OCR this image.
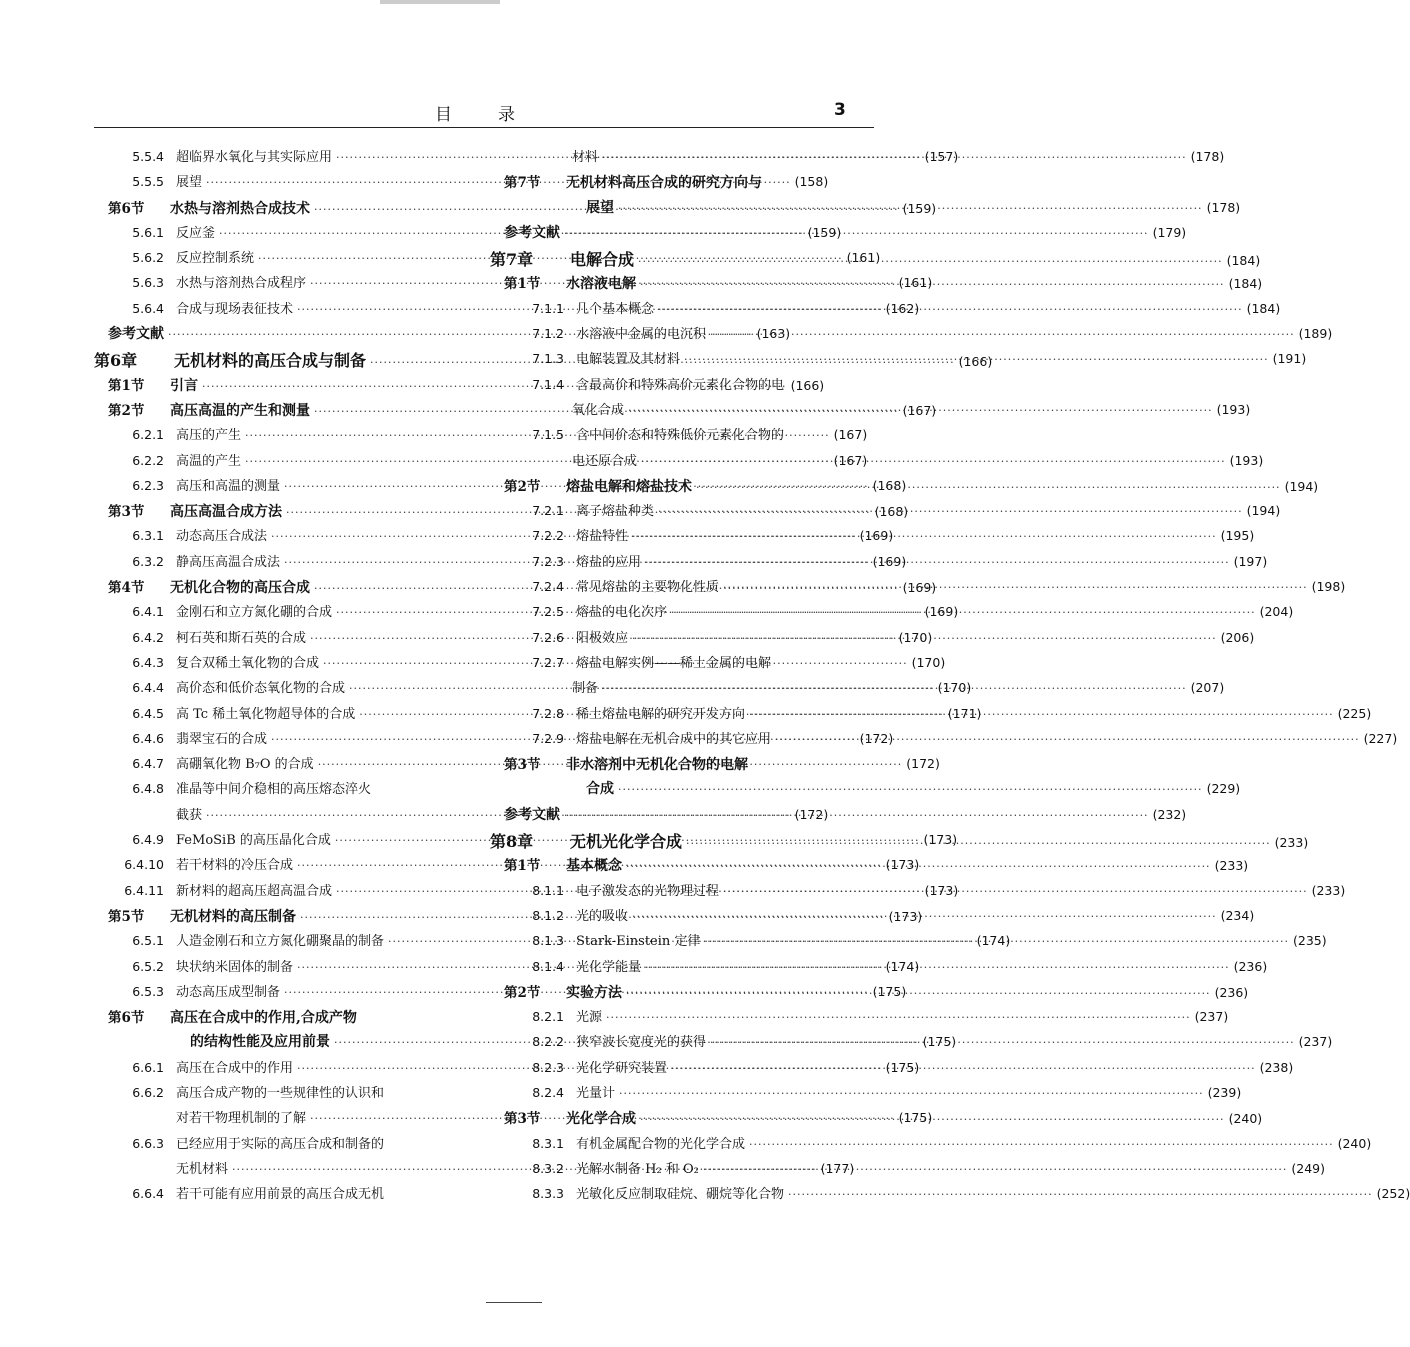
目	录	3
5.5.4 超临界水氧化与其实际应用 ·····	(157)
5.5.5 展望 ·····	(158)
第6节	水热与溶剂热合成技术 ·····	(159)
5.6.1 反应釜 ·····	(159)
5.6.2 反应控制系统 ·····	(161)
5.6.3 水热与溶剂热合成程序 ·····	(161)
5.6.4 合成与现场表征技术 ·····	(162)
参考文献 ·····	(163)
第6章	无机材料的高压合成与制备 ·····	(166)
第1节	引言 ·····	(166)
第2节	高压高温的产生和测量 ·····	(167)
6.2.1 高压的产生 ·····	(167)
6.2.2 高温的产生 ·····	(167)
6.2.3 高压和高温的测量 ·····	(168)
第3节	高压高温合成方法 ·····	(168)
6.3.1 动态高压合成法 ·····	(169)
6.3.2 静高压高温合成法 ·····	(169)
第4节	无机化合物的高压合成 ·····	(169)
6.4.1 金刚石和立方氮化硼的合成 ·····	(169)
6.4.2 柯石英和斯石英的合成 ·····	(170)
6.4.3 复合双稀土氧化物的合成 ·····	(170)
6.4.4 高价态和低价态氧化物的合成 ·····	(170)
6.4.5 高 Tc 稀土氧化物超导体的合成 ·····	(171)
6.4.6 翡翠宝石的合成 ·····	(172)
6.4.7 高硼氧化物 B₇O 的合成 ·····	(172)
6.4.8 准晶等中间介稳相的高压熔态淬火
截获 ·····	(172)
6.4.9 FeMoSiB 的高压晶化合成 ·····	(173)
6.4.10 若干材料的冷压合成 ·····	(173)
6.4.11 新材料的超高压超高温合成 ·····	(173)
第5节	无机材料的高压制备 ·····	(173)
6.5.1 人造金刚石和立方氮化硼聚晶的制备 ·····	(174)
6.5.2 块状纳米固体的制备 ·····	(174)
6.5.3 动态高压成型制备 ·····	(175)
第6节	高压在合成中的作用,合成产物
的结构性能及应用前景 ·····	(175)
6.6.1 高压在合成中的作用 ·····	(175)
6.6.2 高压合成产物的一些规律性的认识和
对若干物理机制的了解 ·····	(175)
6.6.3 已经应用于实际的高压合成和制备的
无机材料 ·····	(177)
6.6.4 若干可能有应用前景的高压合成无机
材料 ·····	(178)
第7节	无机材料高压合成的研究方向与
展望 ·····	(178)
参考文献 ·····	(179)
第7章	电解合成 ·····	(184)
第1节	水溶液电解 ·····	(184)
7.1.1 几个基本概念 ·····	(184)
7.1.2 水溶液中金属的电沉积 ·····	(189)
7.1.3 电解装置及其材料 ·····	(191)
7.1.4 含最高价和特殊高价元素化合物的电
氧化合成 ·····	(193)
7.1.5 含中间价态和特殊低价元素化合物的
电还原合成 ·····	(193)
第2节	熔盐电解和熔盐技术 ·····	(194)
7.2.1 离子熔盐种类 ·····	(194)
7.2.2 熔盐特性 ·····	(195)
7.2.3 熔盐的应用 ·····	(197)
7.2.4 常见熔盐的主要物化性质 ·····	(198)
7.2.5 熔盐的电化次序 ·····	(204)
7.2.6 阳极效应 ·····	(206)
7.2.7 熔盐电解实例——稀土金属的电解
制备 ·····	(207)
7.2.8 稀土熔盐电解的研究开发方向 ·····	(225)
7.2.9 熔盐电解在无机合成中的其它应用 ·····	(227)
第3节	非水溶剂中无机化合物的电解
合成 ·····	(229)
参考文献 ·····	(232)
第8章	无机光化学合成 ·····	(233)
第1节	基本概念 ·····	(233)
8.1.1 电子激发态的光物理过程 ·····	(233)
8.1.2 光的吸收 ·····	(234)
8.1.3 Stark-Einstein 定律 ·····	(235)
8.1.4 光化学能量 ·····	(236)
第2节	实验方法 ·····	(236)
8.2.1 光源 ·····	(237)
8.2.2 狭窄波长宽度光的获得 ·····	(237)
8.2.3 光化学研究装置 ·····	(238)
8.2.4 光量计 ·····	(239)
第3节	光化学合成 ·····	(240)
8.3.1 有机金属配合物的光化学合成 ·····	(240)
8.3.2 光解水制备 H₂ 和 O₂ ·····	(249)
8.3.3 光敏化反应制取硅烷、硼烷等化合物 ·····	(252)
